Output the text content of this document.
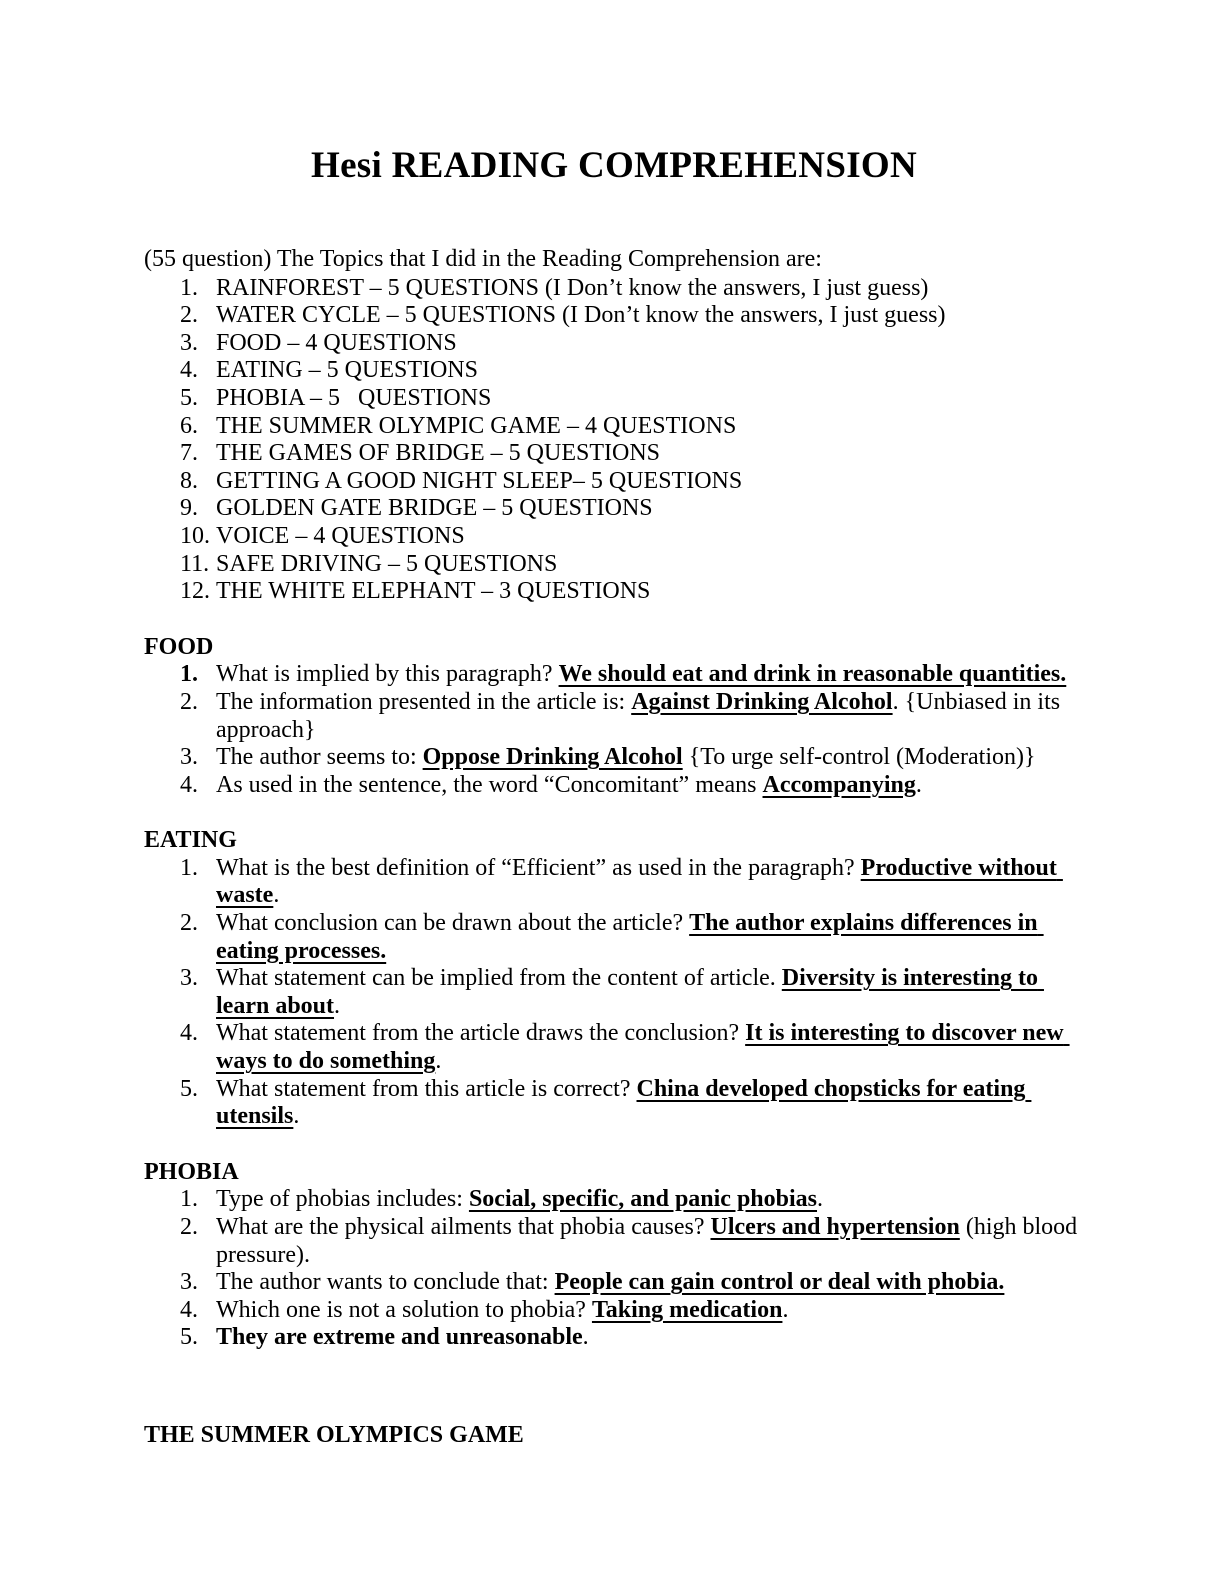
Hesi READING COMPREHENSION

(55 question) The Topics that I did in the Reading Comprehension are:

1. RAINFOREST – 5 QUESTIONS (I Don’t know the answers, I just guess)
2. WATER CYCLE – 5 QUESTIONS (I Don’t know the answers, I just guess)
3. FOOD – 4 QUESTIONS
4. EATING – 5 QUESTIONS
5. PHOBIA – 5   QUESTIONS
6. THE SUMMER OLYMPIC GAME – 4 QUESTIONS
7. THE GAMES OF BRIDGE – 5 QUESTIONS
8. GETTING A GOOD NIGHT SLEEP– 5 QUESTIONS
9. GOLDEN GATE BRIDGE – 5 QUESTIONS
10. VOICE – 4 QUESTIONS
11. SAFE DRIVING – 5 QUESTIONS
12. THE WHITE ELEPHANT – 3 QUESTIONS
FOOD
1. What is implied by this paragraph? We should eat and drink in reasonable quantities.
2. The information presented in the article is: Against Drinking Alcohol. {Unbiased in its approach}
3. The author seems to: Oppose Drinking Alcohol {To urge self-control (Moderation)}
4. As used in the sentence, the word “Concomitant” means Accompanying.
EATING
1. What is the best definition of “Efficient” as used in the paragraph? Productive without waste.
2. What conclusion can be drawn about the article? The author explains differences in eating processes.
3. What statement can be implied from the content of article. Diversity is interesting to learn about.
4. What statement from the article draws the conclusion? It is interesting to discover new ways to do something.
5. What statement from this article is correct? China developed chopsticks for eating utensils.
PHOBIA
1. Type of phobias includes: Social, specific, and panic phobias.
2. What are the physical ailments that phobia causes? Ulcers and hypertension (high blood pressure).
3. The author wants to conclude that: People can gain control or deal with phobia.
4. Which one is not a solution to phobia? Taking medication.
5. They are extreme and unreasonable.
THE SUMMER OLYMPICS GAME
